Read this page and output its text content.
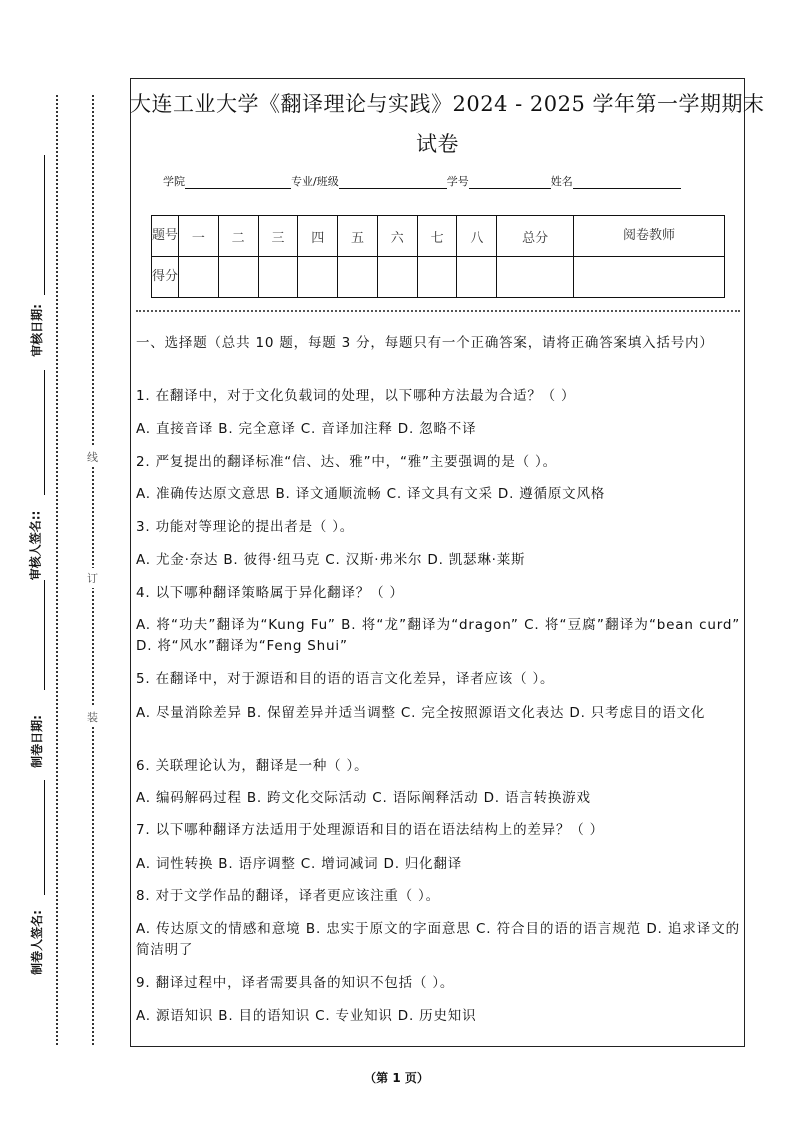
审核日期:
审核人签名::
制卷日期:
制卷人签名:
线
订
装
大连工业大学《翻译理论与实践》2024 - 2025 学年第一学期期末
试卷
学院	专业/班级	学号	姓名
题号	一	二	三	四	五	六	七	八	总分	阅卷教师
得分										
一、选择题（总共 10 题，每题 3 分，每题只有一个正确答案，请将正确答案填入括号内）
1. 在翻译中，对于文化负载词的处理，以下哪种方法最为合适？（ ）
A. 直接音译 B. 完全意译 C. 音译加注释 D. 忽略不译
2. 严复提出的翻译标准“信、达、雅”中，“雅”主要强调的是（ ）。
A. 准确传达原文意思 B. 译文通顺流畅 C. 译文具有文采 D. 遵循原文风格
3. 功能对等理论的提出者是（ ）。
A. 尤金·奈达 B. 彼得·纽马克 C. 汉斯·弗米尔 D. 凯瑟琳·莱斯
4. 以下哪种翻译策略属于异化翻译？（ ）
A. 将“功夫”翻译为“Kung Fu” B. 将“龙”翻译为“dragon” C. 将“豆腐”翻译为“bean curd” D. 将“风水”翻译为“Feng Shui”
5. 在翻译中，对于源语和目的语的语言文化差异，译者应该（ ）。
A. 尽量消除差异 B. 保留差异并适当调整 C. 完全按照源语文化表达 D. 只考虑目的语文化
6. 关联理论认为，翻译是一种（ ）。
A. 编码解码过程 B. 跨文化交际活动 C. 语际阐释活动 D. 语言转换游戏
7. 以下哪种翻译方法适用于处理源语和目的语在语法结构上的差异？（ ）
A. 词性转换 B. 语序调整 C. 增词减词 D. 归化翻译
8. 对于文学作品的翻译，译者更应该注重（ ）。
A. 传达原文的情感和意境 B. 忠实于原文的字面意思 C. 符合目的语的语言规范 D. 追求译文的简洁明了
9. 翻译过程中，译者需要具备的知识不包括（ ）。
A. 源语知识 B. 目的语知识 C. 专业知识 D. 历史知识
（第 1 页）
